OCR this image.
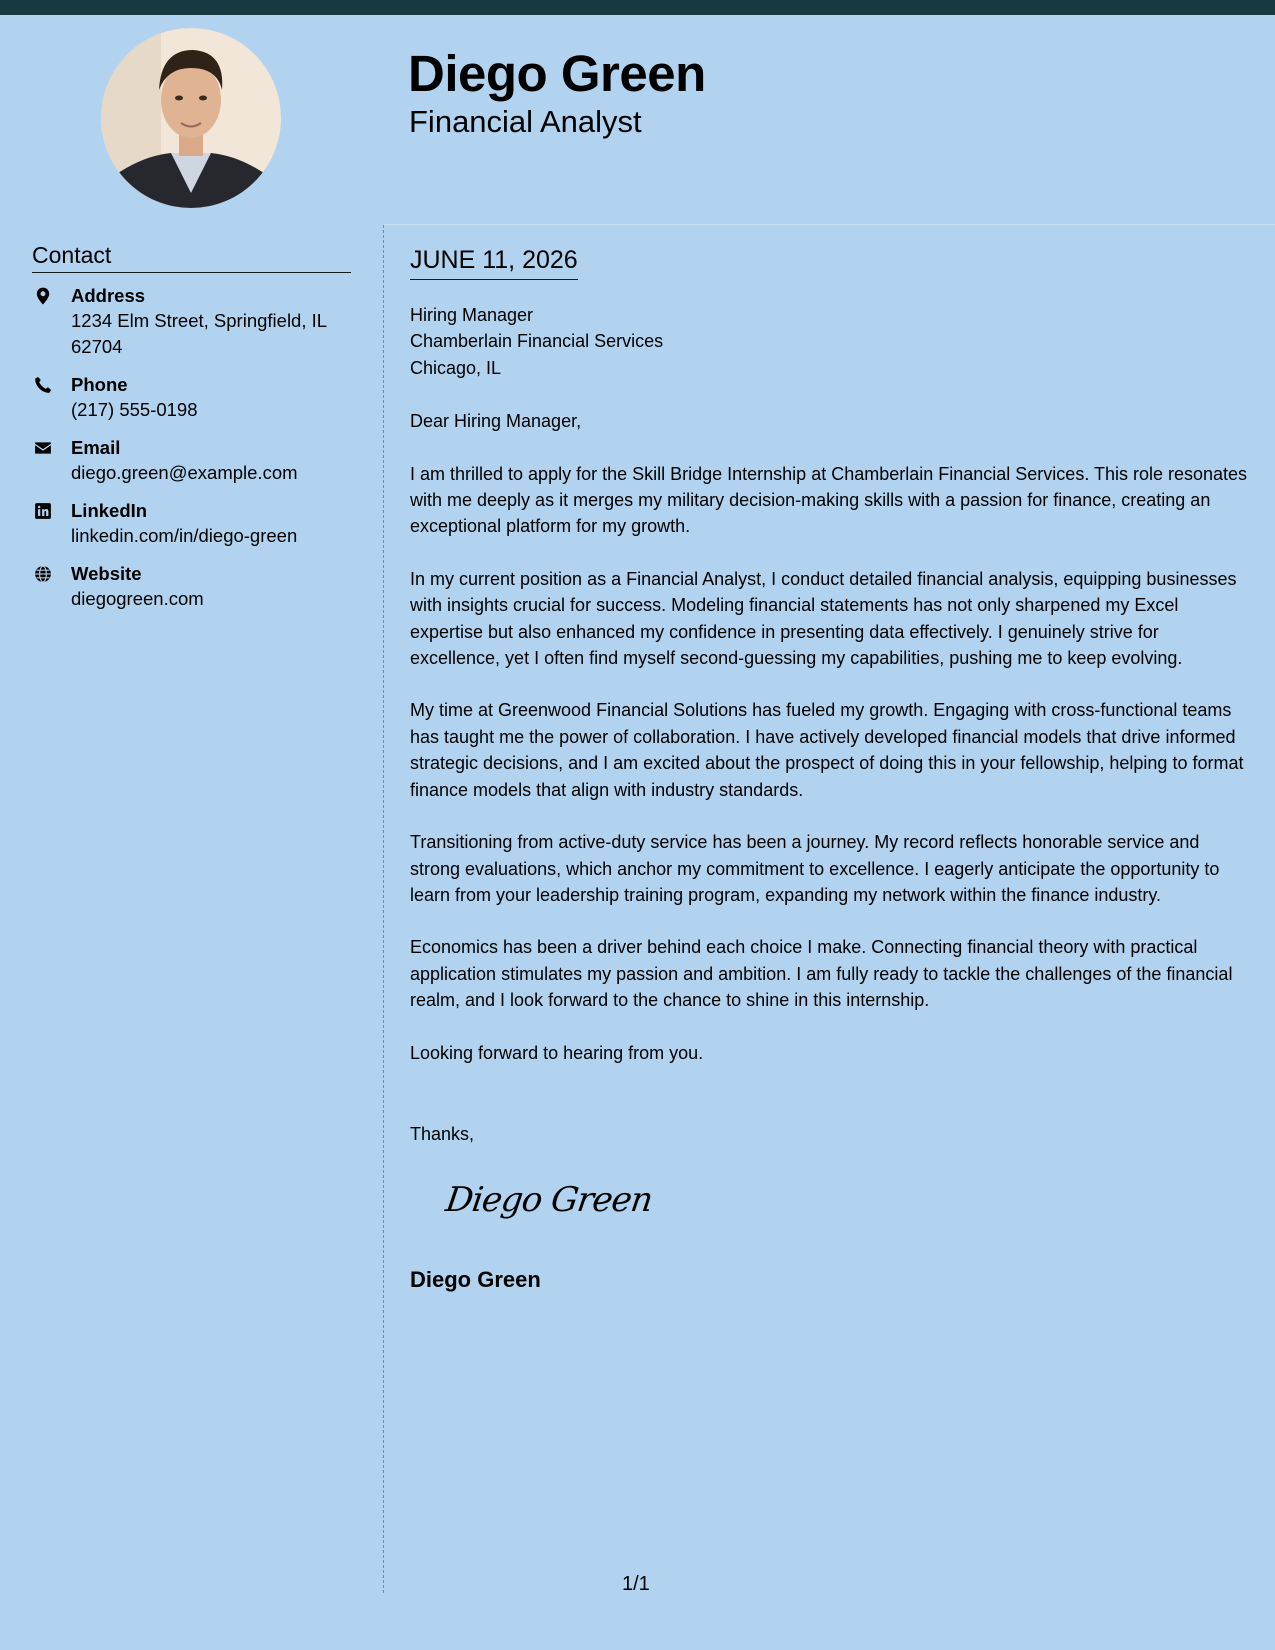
Diego Green
Financial Analyst
Contact
Address
1234 Elm Street, Springfield, IL 62704
Phone
(217) 555-0198
Email
diego.green@example.com
LinkedIn
linkedin.com/in/diego-green
Website
diegogreen.com
JUNE 11, 2026

Hiring Manager

Chamberlain Financial Services

Chicago, IL

Dear Hiring Manager,

I am thrilled to apply for the Skill Bridge Internship at Chamberlain Financial Services. This role resonates with me deeply as it merges my military decision-making skills with a passion for finance, creating an exceptional platform for my growth.

In my current position as a Financial Analyst, I conduct detailed financial analysis, equipping businesses with insights crucial for success. Modeling financial statements has not only sharpened my Excel expertise but also enhanced my confidence in presenting data effectively. I genuinely strive for excellence, yet I often find myself second-guessing my capabilities, pushing me to keep evolving.

My time at Greenwood Financial Solutions has fueled my growth. Engaging with cross-functional teams has taught me the power of collaboration. I have actively developed financial models that drive informed strategic decisions, and I am excited about the prospect of doing this in your fellowship, helping to format finance models that align with industry standards.

Transitioning from active-duty service has been a journey. My record reflects honorable service and strong evaluations, which anchor my commitment to excellence. I eagerly anticipate the opportunity to learn from your leadership training program, expanding my network within the finance industry.

Economics has been a driver behind each choice I make. Connecting financial theory with practical application stimulates my passion and ambition. I am fully ready to tackle the challenges of the financial realm, and I look forward to the chance to shine in this internship.

Looking forward to hearing from you.

Thanks,
Diego Green
Diego Green
1/1
